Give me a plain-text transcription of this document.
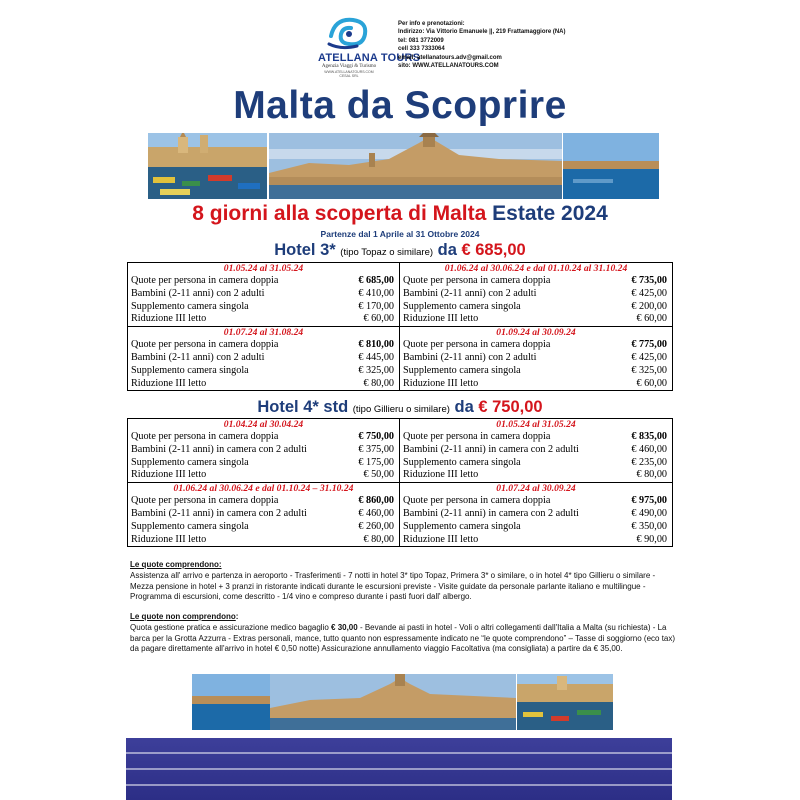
ATELLANA TOURS
Agenzia Viaggi & Turismo
WWW.ATELLANATOURS.COM
CESAL SRL
Per info e prenotazioni:
Indirizzo: Via Vittorio Emanuele ||, 219 Frattamaggiore (NA)
tel: 081 3772009
cell 333 7333064
email: atellanatours.adv@gmail.com
sito: WWW.ATELLANATOURS.COM
Malta da Scoprire
8 giorni alla scoperta di Malta Estate 2024
Partenze dal 1 Aprile al 31 Ottobre 2024
Hotel 3* (tipo Topaz o similare) da € 685,00
01.05.24 al 31.05.24
Quote per persona in camera doppia	€ 685,00
Bambini (2-11 anni) con 2 adulti	€ 410,00
Supplemento camera singola	€ 170,00
Riduzione III letto	€ 60,00
01.06.24 al 30.06.24 e dal 01.10.24 al 31.10.24
Quote per persona in camera doppia	€ 735,00
Bambini (2-11 anni) con 2 adulti	€ 425,00
Supplemento camera singola	€ 200,00
Riduzione III letto	€ 60,00
01.07.24 al 31.08.24
Quote per persona in camera doppia	€ 810,00
Bambini (2-11 anni) con 2 adulti	€ 445,00
Supplemento camera singola	€ 325,00
Riduzione III letto	€ 80,00
01.09.24 al 30.09.24
Quote per persona in camera doppia	€ 775,00
Bambini (2-11 anni) con 2 adulti	€ 425,00
Supplemento camera singola	€ 325,00
Riduzione III letto	€ 60,00
Hotel 4* std (tipo Gillieru o similare) da € 750,00
01.04.24 al 30.04.24
Quote per persona in camera doppia	€ 750,00
Bambini (2-11 anni) in camera con 2 adulti	€ 375,00
Supplemento camera singola	€ 175,00
Riduzione III letto	€ 50,00
01.05.24 al 31.05.24
Quote per persona in camera doppia	€ 835,00
Bambini (2-11 anni) in camera con 2 adulti	€ 460,00
Supplemento camera singola	€ 235,00
Riduzione III letto	€ 80,00
01.06.24 al 30.06.24 e dal 01.10.24 – 31.10.24
Quote per persona in camera doppia	€ 860,00
Bambini (2-11 anni) in camera con 2 adulti	€ 460,00
Supplemento camera singola	€ 260,00
Riduzione III letto	€ 80,00
01.07.24 al 30.09.24
Quote per persona in camera doppia	€ 975,00
Bambini (2-11 anni) in camera con 2 adulti	€ 490,00
Supplemento camera singola	€ 350,00
Riduzione III letto	€ 90,00
Le quote comprendono:
Assistenza all' arrivo e partenza in aeroporto - Trasferimenti - 7 notti in hotel 3* tipo Topaz, Primera 3* o similare, o in hotel 4* tipo Gillieru o similare - Mezza pensione in hotel + 3 pranzi in ristorante indicati durante le escursioni previste - Visite guidate da personale parlante italiano e multilingue - Programma di escursioni, come descritto - 1/4 vino e compreso durante i pasti fuori dall' albergo.
Le quote non comprendono:
Quota gestione pratica e assicurazione medico bagaglio € 30,00 - Bevande ai pasti in hotel - Voli o altri collegamenti dall'Italia a Malta (su richiesta) - La barca per la Grotta Azzurra - Extras personali, mance, tutto quanto non espressamente indicato ne “le quote comprendono” – Tasse di soggiorno (eco tax) da pagare direttamente all'arrivo in hotel € 0,50 notte) Assicurazione annullamento viaggio Facoltativa (ma consigliata) a partire da € 35,00.
